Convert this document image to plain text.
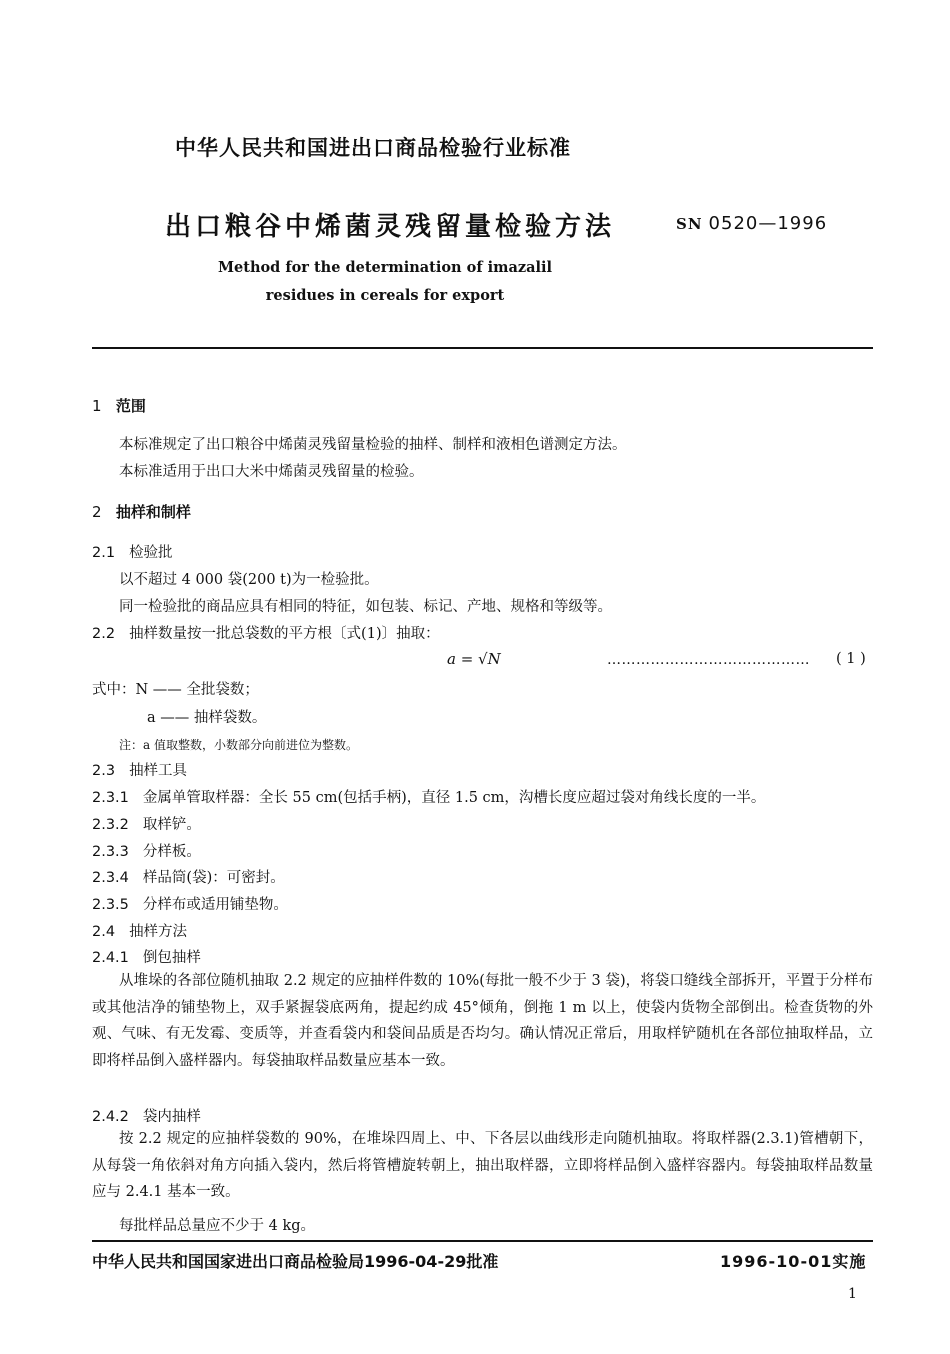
中华人民共和国进出口商品检验行业标准
出口粮谷中烯菌灵残留量检验方法	SN 0520—1996
Method for the determination of imazalil
residues in cereals for export
1 范围
本标准规定了出口粮谷中烯菌灵残留量检验的抽样、制样和液相色谱测定方法。
本标准适用于出口大米中烯菌灵残留量的检验。
2 抽样和制样
2.1 检验批
以不超过 4 000 袋(200 t)为一检验批。
同一检验批的商品应具有相同的特征，如包装、标记、产地、规格和等级等。
2.2 抽样数量按一批总袋数的平方根〔式(1)〕抽取：
a = √N	…………………………………… ( 1 )
式中：N —— 全批袋数；
a —— 抽样袋数。
注：a 值取整数，小数部分向前进位为整数。
2.3 抽样工具
2.3.1 金属单管取样器：全长 55 cm(包括手柄)，直径 1.5 cm，沟槽长度应超过袋对角线长度的一半。
2.3.2 取样铲。
2.3.3 分样板。
2.3.4 样品筒(袋)：可密封。
2.3.5 分样布或适用铺垫物。
2.4 抽样方法
2.4.1 倒包抽样
从堆垛的各部位随机抽取 2.2 规定的应抽样件数的 10%(每批一般不少于 3 袋)，将袋口缝线全部拆开，平置于分样布或其他洁净的铺垫物上，双手紧握袋底两角，提起约成 45°倾角，倒拖 1 m 以上，使袋内货物全部倒出。检查货物的外观、气味、有无发霉、变质等，并查看袋内和袋间品质是否均匀。确认情况正常后，用取样铲随机在各部位抽取样品，立即将样品倒入盛样器内。每袋抽取样品数量应基本一致。
2.4.2 袋内抽样
按 2.2 规定的应抽样袋数的 90%，在堆垛四周上、中、下各层以曲线形走向随机抽取。将取样器(2.3.1)管槽朝下，从每袋一角依斜对角方向插入袋内，然后将管槽旋转朝上，抽出取样器，立即将样品倒入盛样容器内。每袋抽取样品数量应与 2.4.1 基本一致。
每批样品总量应不少于 4 kg。
中华人民共和国国家进出口商品检验局1996-04-29批准	1996-10-01实施
1
